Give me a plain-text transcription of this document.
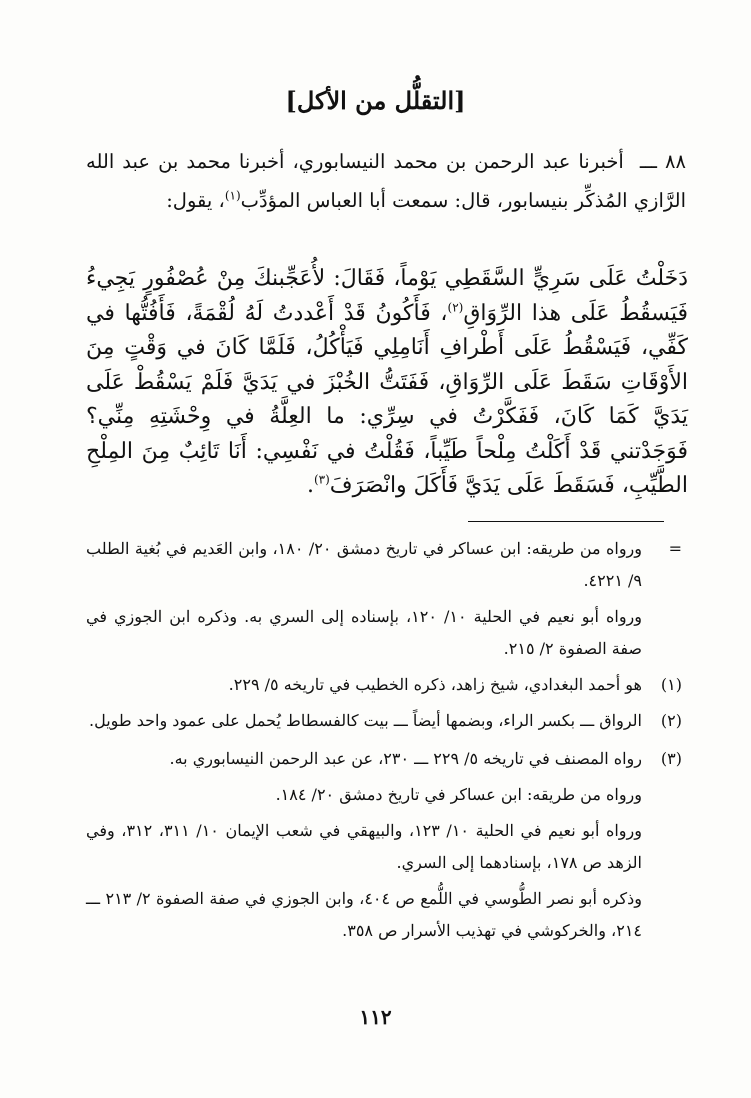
[التقلُّل من الأكل]
٨٨ ـــ أخبرنا عبد الرحمن بن محمد النيسابوري، أخبرنا محمد بن عبد الله الرَّازي المُذكِّر بنيسابور، قال: سمعت أبا العباس المؤدِّب$^{(١)}$، يقول:
دَخَلْتُ عَلَى سَرِيٍّ السَّقَطِي يَوْماً، فَقَالَ: لأُعَجِّبنكَ مِنْ عُصْفُورٍ يَجِيءُ فَيَسقُطُ عَلَى هذا الرِّوَاقِ$^{(٢)}$، فَأَكُونُ قَدْ أَعْددتُ لَهُ لُقْمَةً، فَأَفُتُّها في كَفِّي، فَيَسْقُطُ عَلَى أَطْرافِ أَنَامِلِي فَيَأْكُلُ، فَلَمَّا كَانَ في وَقْتٍ مِنَ الأَوْقَاتِ سَقَطَ عَلَى الرِّوَاقِ، فَفَتَتُّ الخُبْزَ في يَدَيَّ فَلَمْ يَسْقُطْ عَلَى يَدَيَّ كَمَا كَانَ، فَفَكَّرْتُ في سِرِّي: ما العِلَّةُ في وِحْشَتِهِ مِنِّي؟ فَوَجَدْتني قَدْ أَكَلْتُ مِلْحاً طَيِّباً، فَقُلْتُ في نَفْسِي: أَنَا تَائِبٌ مِنَ المِلْحِ الطَّيِّبِ، فَسَقَطَ عَلَى يَدَيَّ فَأَكَلَ وانْصَرَفَ$^{(٣)}$.
=

ورواه من طريقه: ابن عساكر في تاريخ دمشق ٢٠/ ١٨٠، وابن العَديم في بُغية الطلب ٩/ ٤٢٢١.

ورواه أبو نعيم في الحلية ١٠/ ١٢٠، بإسناده إلى السري به. وذكره ابن الجوزي في صفة الصفوة ٢/ ٢١٥.

(١)

هو أحمد البغدادي، شيخ زاهد، ذكره الخطيب في تاريخه ٥/ ٢٢٩.

(٢)

الرواق ـــ بكسر الراء، وبضمها أيضاً ـــ بيت كالفسطاط يُحمل على عمود واحد طويل.

(٣)

رواه المصنف في تاريخه ٥/ ٢٢٩ ـــ ٢٣٠، عن عبد الرحمن النيسابوري به.

ورواه من طريقه: ابن عساكر في تاريخ دمشق ٢٠/ ١٨٤.

ورواه أبو نعيم في الحلية ١٠/ ١٢٣، والبيهقي في شعب الإيمان ١٠/ ٣١١، ٣١٢، وفي الزهد ص ١٧٨، بإسنادهما إلى السري.

وذكره أبو نصر الطُّوسي في اللُّمع ص ٤٠٤، وابن الجوزي في صفة الصفوة ٢/ ٢١٣ ـــ ٢١٤، والخركوشي في تهذيب الأسرار ص ٣٥٨.

١١٢
